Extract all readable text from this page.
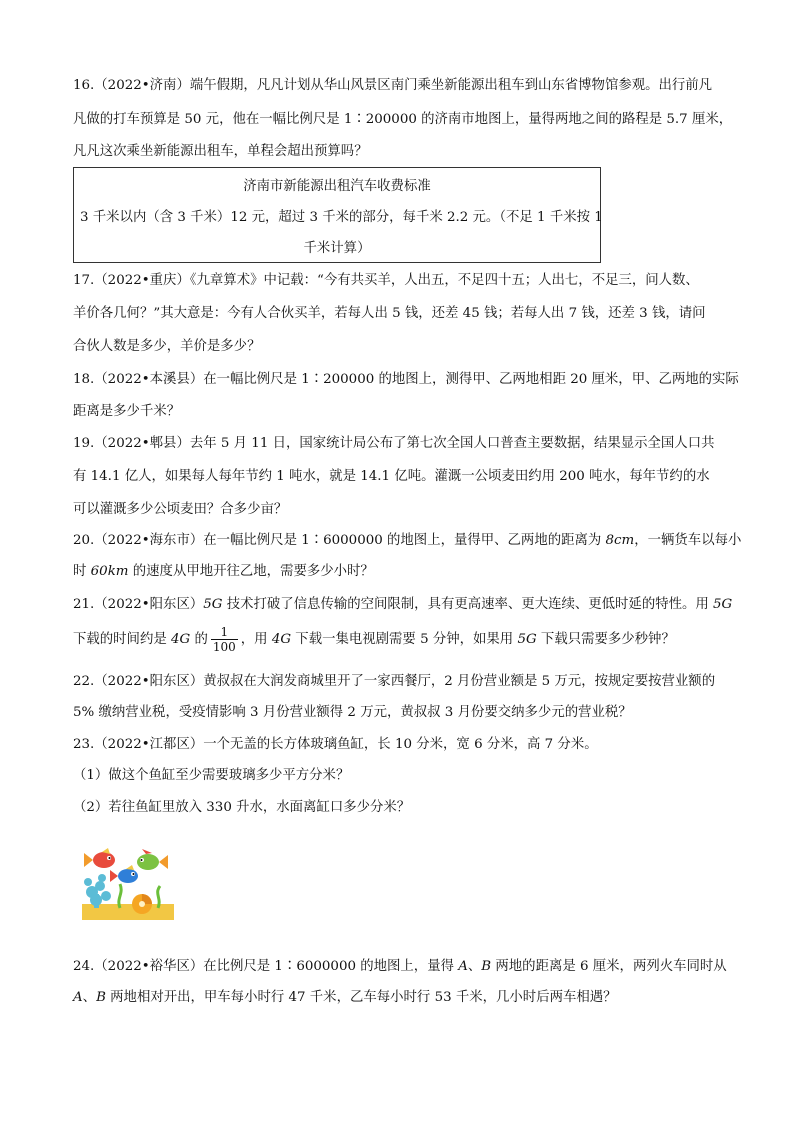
16.（2022•济南）端午假期，凡凡计划从华山风景区南门乘坐新能源出租车到山东省博物馆参观。出行前凡
凡做的打车预算是 50 元，他在一幅比例尺是 1∶200000 的济南市地图上，量得两地之间的路程是 5.7 厘米，
凡凡这次乘坐新能源出租车，单程会超出预算吗？
济南市新能源出租汽车收费标准
3 千米以内（含 3 千米）12 元，超过 3 千米的部分，每千米 2.2 元。（不足 1 千米按 1
千米计算）
17.（2022•重庆）《九章算术》中记载：“今有共买羊，人出五，不足四十五；人出七，不足三，问人数、
羊价各几何？”其大意是：今有人合伙买羊，若每人出 5 钱，还差 45 钱；若每人出 7 钱，还差 3 钱，请问
合伙人数是多少，羊价是多少？
18.（2022•本溪县）在一幅比例尺是 1∶200000 的地图上，测得甲、乙两地相距 20 厘米，甲、乙两地的实际
距离是多少千米？
19.（2022•郫县）去年 5 月 11 日，国家统计局公布了第七次全国人口普查主要数据，结果显示全国人口共
有 14.1 亿人，如果每人每年节约 1 吨水，就是 14.1 亿吨。灌溉一公顷麦田约用 200 吨水，每年节约的水
可以灌溉多少公顷麦田？合多少亩？
20.（2022•海东市）在一幅比例尺是 1∶6000000 的地图上，量得甲、乙两地的距离为 8cm，一辆货车以每小
时 60km 的速度从甲地开往乙地，需要多少小时？
21.（2022•阳东区）5G 技术打破了信息传输的空间限制，具有更高速率、更大连续、更低时延的特性。用 5G
下载的时间约是 4G 的 $\frac{1}{100}$ ，用 4G 下载一集电视剧需要 5 分钟，如果用 5G 下载只需要多少秒钟？
22.（2022•阳东区）黄叔叔在大润发商城里开了一家西餐厅，2 月份营业额是 5 万元，按规定要按营业额的
5% 缴纳营业税，受疫情影响 3 月份营业额得 2 万元，黄叔叔 3 月份要交纳多少元的营业税？
23.（2022•江都区）一个无盖的长方体玻璃鱼缸，长 10 分米，宽 6 分米，高 7 分米。
（1）做这个鱼缸至少需要玻璃多少平方分米？
（2）若往鱼缸里放入 330 升水，水面离缸口多少分米？
24.（2022•裕华区）在比例尺是 1∶6000000 的地图上，量得 A、B 两地的距离是 6 厘米，两列火车同时从
A、B 两地相对开出，甲车每小时行 47 千米，乙车每小时行 53 千米，几小时后两车相遇？
